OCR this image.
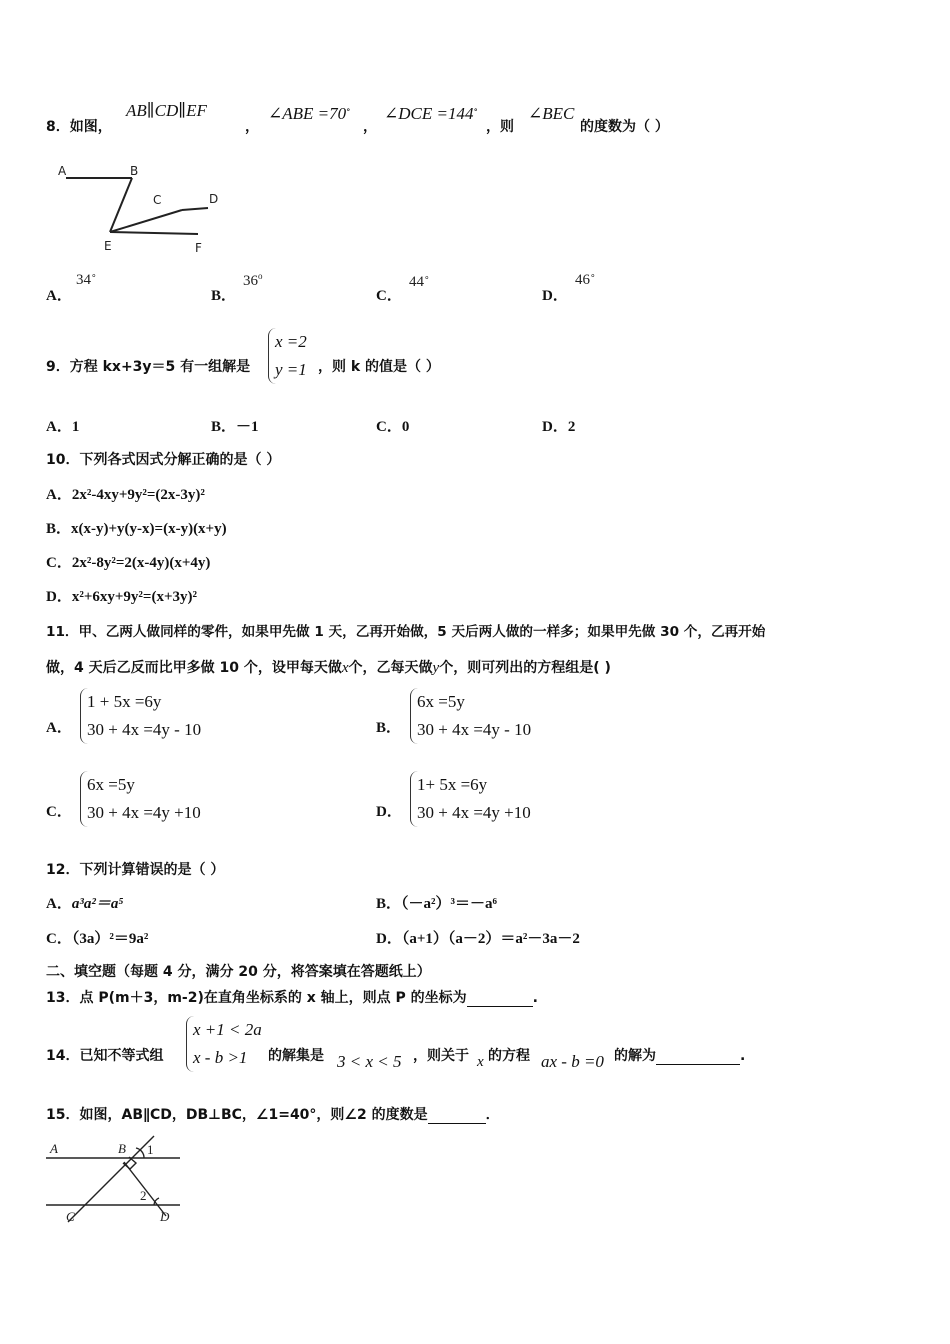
8．如图，
AB∥CD∥EF
，
∠ABE =70∘
，
∠DCE =144∘
，则
∠BEC
的度数为（ ）
A	B
C	D
E	F
A．
34∘
B．
36$^o$
C．
44∘
D．
46∘
9．方程 kx+3y＝5 有一组解是
x =2
y =1 ，则 k 的值是（ ）
A．1	B．－1	C．0	D．2
10．下列各式因式分解正确的是（ ）
A．2x²-4xy+9y²=(2x-3y)²
B．x(x-y)+y(y-x)=(x-y)(x+y)
C．2x²-8y²=2(x-4y)(x+4y)
D．x²+6xy+9y²=(x+3y)²
11．甲、乙两人做同样的零件，如果甲先做 1 天，乙再开始做，5 天后两人做的一样多；如果甲先做 30 个，乙再开始
做，4 天后乙反而比甲多做 10 个，设甲每天做x个，乙每天做y个，则可列出的方程组是( )
A．
1 + 5x =6y
30 + 4x =4y - 10	B．
6x =5y
30 + 4x =4y - 10
C．
6x =5y
30 + 4x =4y +10	D．
1+ 5x =6y
30 + 4x =4y +10
12．下列计算错误的是（ ）
A．a³a²＝a⁵	B．（－a²）³＝－a⁶
C．（3a）²＝9a²	D．（a+1）（a－2）＝a²－3a－2
二、填空题（每题 4 分，满分 20 分，将答案填在答题纸上）
13．点 P(m＋3，m-2)在直角坐标系的 x 轴上，则点 P 的坐标为	.
14．已知不等式组
x +1 < 2a
x - b >1	的解集是 3 < x < 5 ，则关于 x 的方程 ax - b =0 的解为	.
15．如图，AB∥CD，DB⊥BC，∠1=40°，则∠2 的度数是	．
A	B 1
2
C	D
